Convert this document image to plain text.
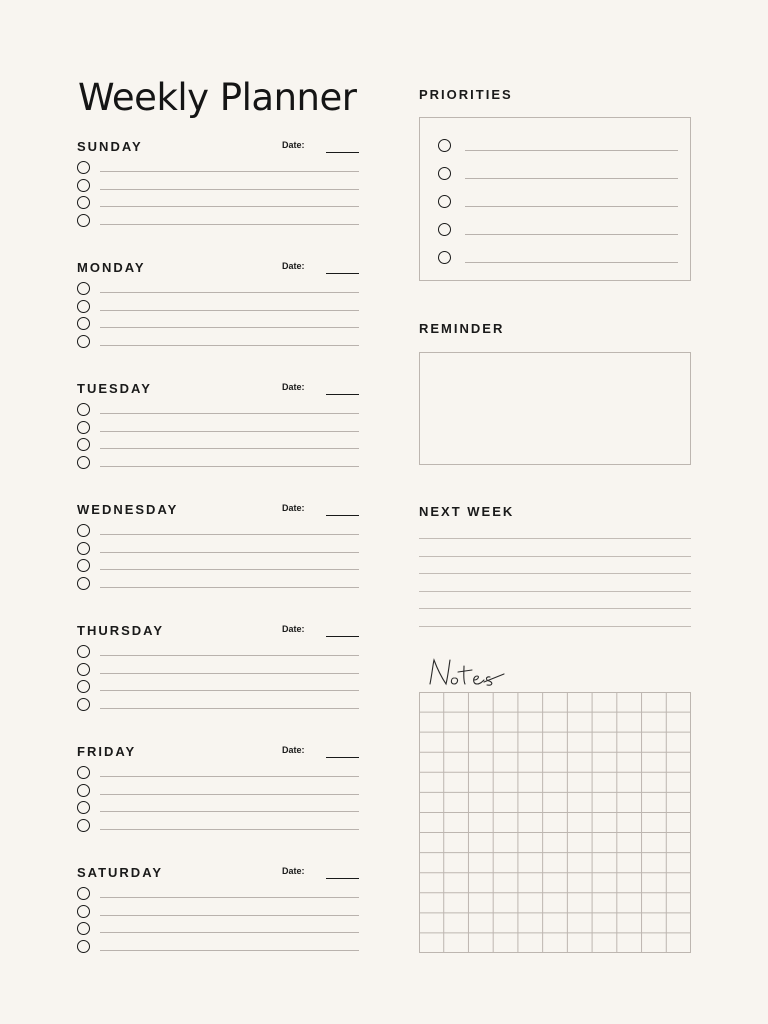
Weekly Planner
SUNDAY	Date:
MONDAY	Date:
TUESDAY	Date:
WEDNESDAY	Date:
THURSDAY	Date:
FRIDAY	Date:
SATURDAY	Date:
PRIORITIES
REMINDER
NEXT WEEK
